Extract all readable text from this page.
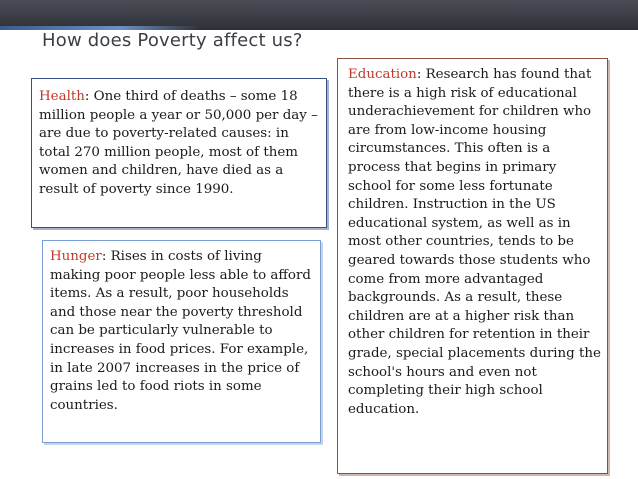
How does Poverty affect us?
Health: One third of deaths – some 18 million people a year or 50,000 per day – are due to poverty-related causes: in total 270 million people, most of them women and children, have died as a result of poverty since 1990.
Hunger: Rises in costs of living making poor people less able to afford items. As a result, poor households and those near the poverty threshold can be particularly vulnerable to increases in food prices. For example, in late 2007 increases in the price of grains led to food riots in some countries.
Education: Research has found that there is a high risk of educational underachievement for children who are from low-income housing circumstances. This often is a process that begins in primary school for some less fortunate children. Instruction in the US educational system, as well as in most other countries, tends to be geared towards those students who come from more advantaged backgrounds. As a result, these children are at a higher risk than other children for retention in their grade, special placements during the school's hours and even not completing their high school education.
